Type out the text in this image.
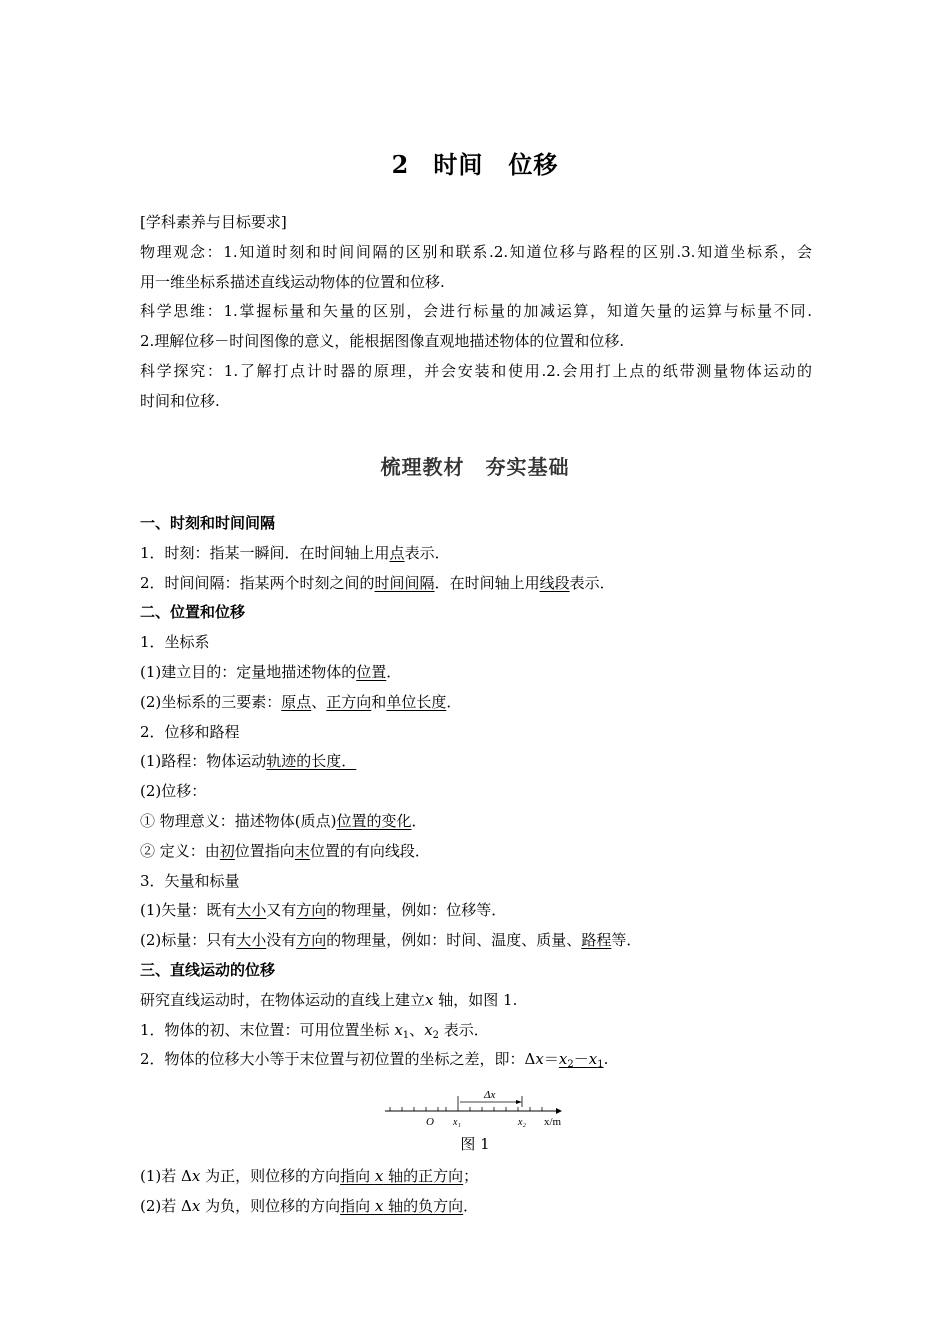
2 时间　位移

[学科素养与目标要求]

物理观念：1.知道时刻和时间间隔的区别和联系.2.知道位移与路程的区别.3.知道坐标系，会

用一维坐标系描述直线运动物体的位置和位移.

科学思维：1.掌握标量和矢量的区别，会进行标量的加减运算，知道矢量的运算与标量不同.

2.理解位移－时间图像的意义，能根据图像直观地描述物体的位置和位移.

科学探究：1.了解打点计时器的原理，并会安装和使用.2.会用打上点的纸带测量物体运动的

时间和位移.

梳理教材　夯实基础

一、时刻和时间间隔

1．时刻：指某一瞬间．在时间轴上用点表示．

2．时间间隔：指某两个时刻之间的时间间隔．在时间轴上用线段表示．

二、位置和位移

1．坐标系

(1)建立目的：定量地描述物体的位置．

(2)坐标系的三要素：原点、正方向和单位长度．

2．位移和路程

(1)路程：物体运动轨迹的长度．

(2)位移：

① 物理意义：描述物体(质点)位置的变化．

② 定义：由初位置指向末位置的有向线段．

3．矢量和标量

(1)矢量：既有大小又有方向的物理量，例如：位移等．

(2)标量：只有大小没有方向的物理量，例如：时间、温度、质量、路程等．

三、直线运动的位移

研究直线运动时，在物体运动的直线上建立x 轴，如图 1.

1．物体的初、末位置：可用位置坐标 $x_1$、$x_2$ 表示．

2．物体的位移大小等于末位置与初位置的坐标之差，即：$\Delta x=x_2-x_1$.

Δx
O x₁	x₂ x/m
图 1

(1)若 Δx 为正，则位移的方向指向 x 轴的正方向；

(2)若 Δx 为负，则位移的方向指向 x 轴的负方向．
